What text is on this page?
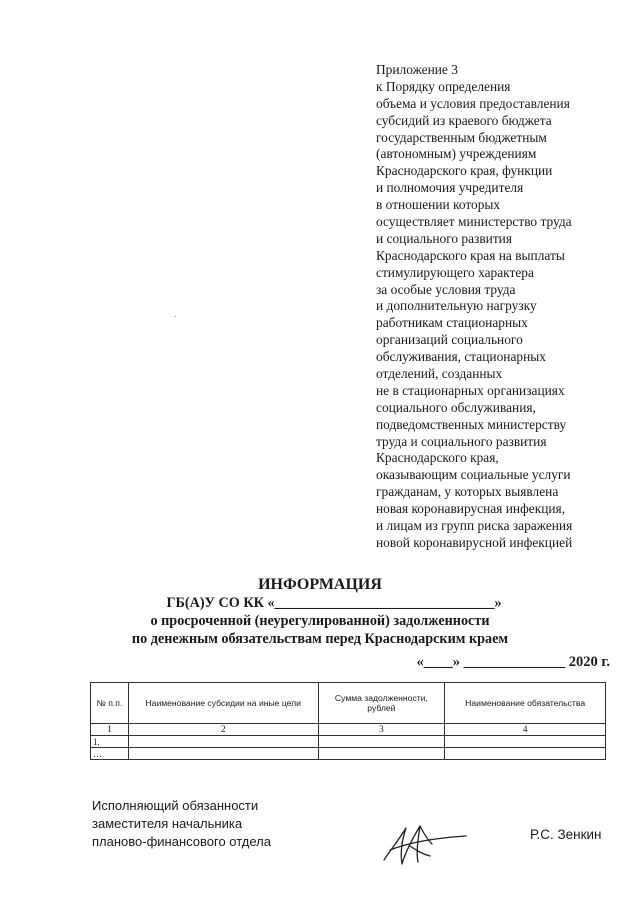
Приложение 3
к Порядку определения
объема и условия предоставления
субсидий из краевого бюджета
государственным бюджетным
(автономным) учреждениям
Краснодарского края, функции
и полномочия учредителя
в отношении которых
осуществляет министерство труда
и социального развития
Краснодарского края на выплаты
стимулирующего характера
за особые условия труда
и дополнительную нагрузку
работникам стационарных
организаций социального
обслуживания, стационарных
отделений, созданных
не в стационарных организациях
социального обслуживания,
подведомственных министерству
труда и социального развития
Краснодарского края,
оказывающим социальные услуги
гражданам, у которых выявлена
новая коронавирусная инфекция,
и лицам из групп риска заражения
новой коронавирусной инфекцией
ИНФОРМАЦИЯ
ГБ(А)У СО КК «_______________________________»
о просроченной (неурегулированной) задолженности
по денежным обязательствам перед Краснодарским краем
«____» ______________ 2020 г.
№ п.п.	Наименование субсидии на иные цели	Сумма задолженности, рублей	Наименование обязательства
1	2	3	4
1.			
…			
Исполняющий обязанности
заместителя начальника
планово-финансового отдела	Р.С. Зенкин
